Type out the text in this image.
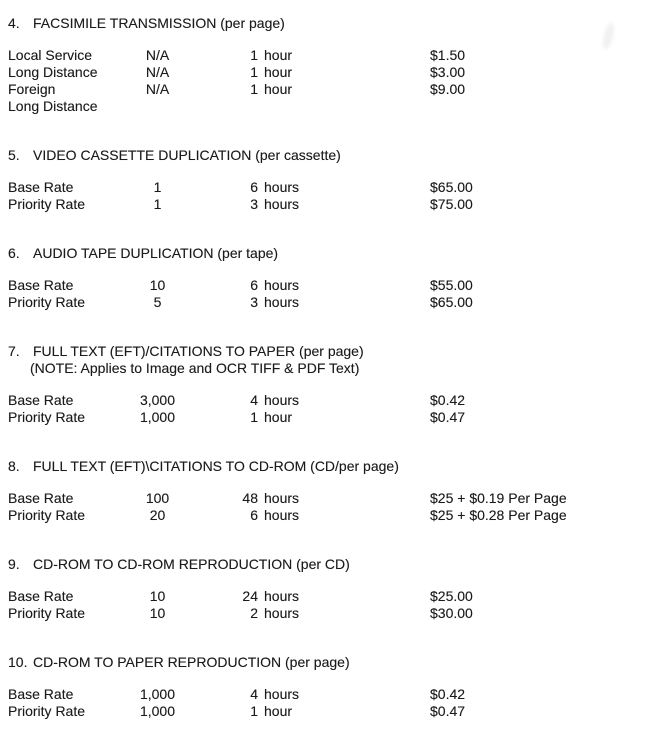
4. FACSIMILE TRANSMISSION (per page)
Local Service	N/A	1 hour	$1.50
Long Distance	N/A	1 hour	$3.00
Foreign	N/A	1 hour	$9.00
Long Distance
5. VIDEO CASSETTE DUPLICATION (per cassette)
Base Rate	1	6 hours	$65.00
Priority Rate	1	3 hours	$75.00
6. AUDIO TAPE DUPLICATION (per tape)
Base Rate	10	6 hours	$55.00
Priority Rate	5	3 hours	$65.00
7. FULL TEXT (EFT)/CITATIONS TO PAPER (per page)
(NOTE: Applies to Image and OCR TIFF & PDF Text)
Base Rate	3,000	4 hours	$0.42
Priority Rate	1,000	1 hour	$0.47
8. FULL TEXT (EFT)\CITATIONS TO CD-ROM (CD/per page)
Base Rate	100	48 hours	$25 + $0.19 Per Page
Priority Rate	20	6 hours	$25 + $0.28 Per Page
9. CD-ROM TO CD-ROM REPRODUCTION (per CD)
Base Rate	10	24 hours	$25.00
Priority Rate	10	2 hours	$30.00
10. CD-ROM TO PAPER REPRODUCTION (per page)
Base Rate	1,000	4 hours	$0.42
Priority Rate	1,000	1 hour	$0.47
